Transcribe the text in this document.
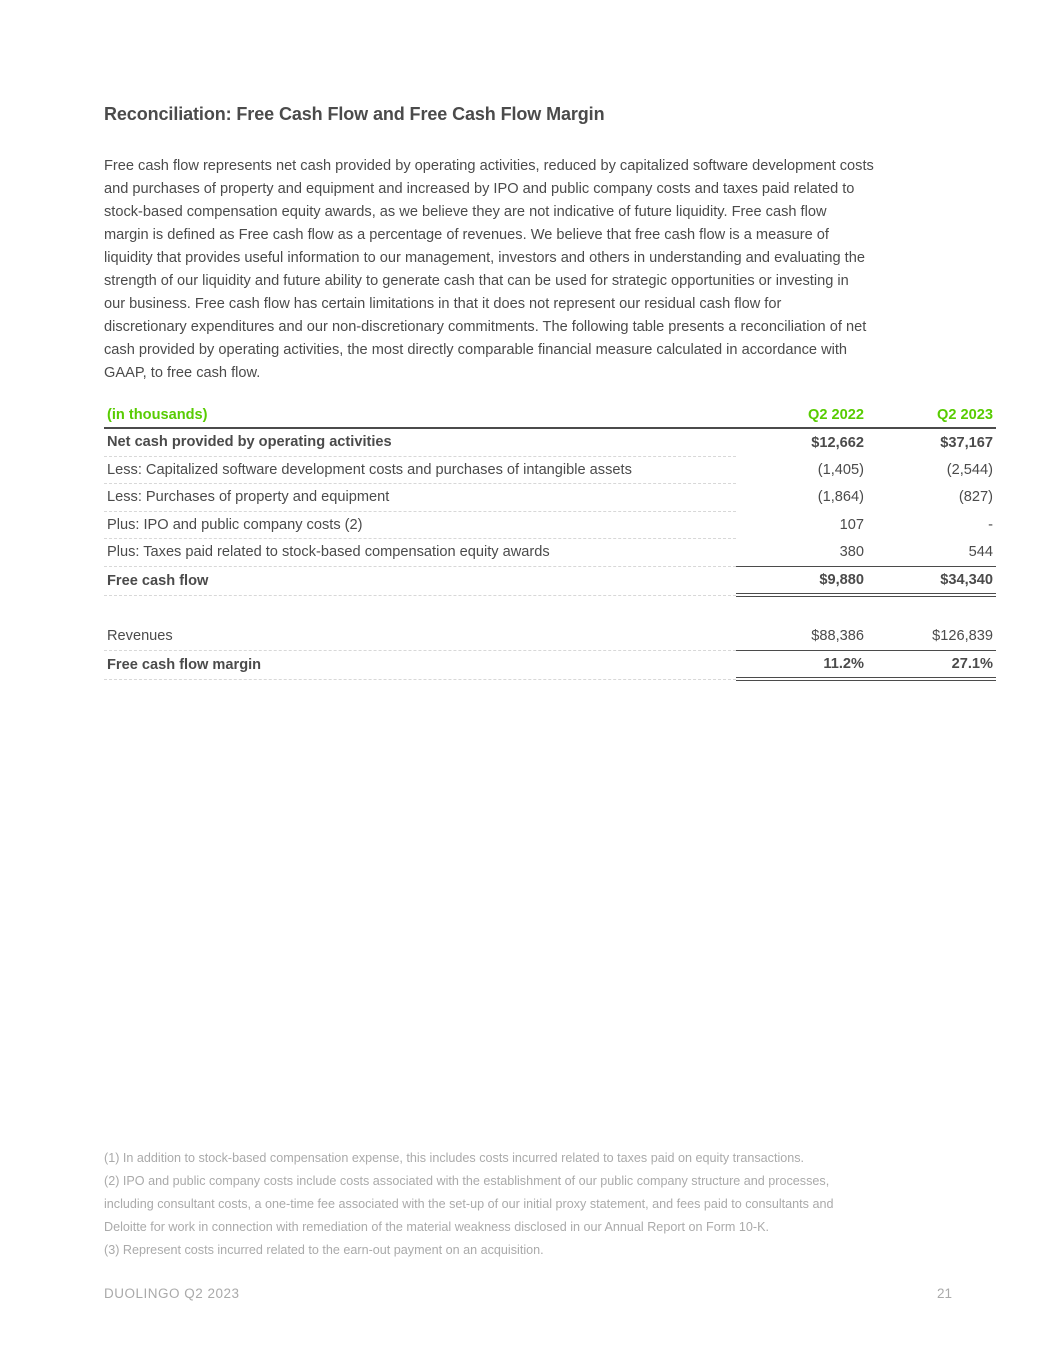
Reconciliation: Free Cash Flow and Free Cash Flow Margin
Free cash flow represents net cash provided by operating activities, reduced by capitalized software development costs
and purchases of property and equipment and increased by IPO and public company costs and taxes paid related to
stock-based compensation equity awards, as we believe they are not indicative of future liquidity. Free cash flow
margin is defined as Free cash flow as a percentage of revenues. We believe that free cash flow is a measure of
liquidity that provides useful information to our management, investors and others in understanding and evaluating the
strength of our liquidity and future ability to generate cash that can be used for strategic opportunities or investing in
our business. Free cash flow has certain limitations in that it does not represent our residual cash flow for
discretionary expenditures and our non-discretionary commitments. The following table presents a reconciliation of net
cash provided by operating activities, the most directly comparable financial measure calculated in accordance with
GAAP, to free cash flow.
(in thousands)	Q2 2022	Q2 2023
Net cash provided by operating activities	$12,662	$37,167
Less: Capitalized software development costs and purchases of intangible assets	(1,405)	(2,544)
Less: Purchases of property and equipment	(1,864)	(827)
Plus: IPO and public company costs (2)	107	-
Plus: Taxes paid related to stock-based compensation equity awards	380	544
Free cash flow	$9,880	$34,340

Revenues	$88,386	$126,839
Free cash flow margin	11.2%	27.1%
(1) In addition to stock-based compensation expense, this includes costs incurred related to taxes paid on equity transactions.
(2) IPO and public company costs include costs associated with the establishment of our public company structure and processes,
including consultant costs, a one-time fee associated with the set-up of our initial proxy statement, and fees paid to consultants and
Deloitte for work in connection with remediation of the material weakness disclosed in our Annual Report on Form 10-K.
(3) Represent costs incurred related to the earn-out payment on an acquisition.
DUOLINGO Q2 2023	21
